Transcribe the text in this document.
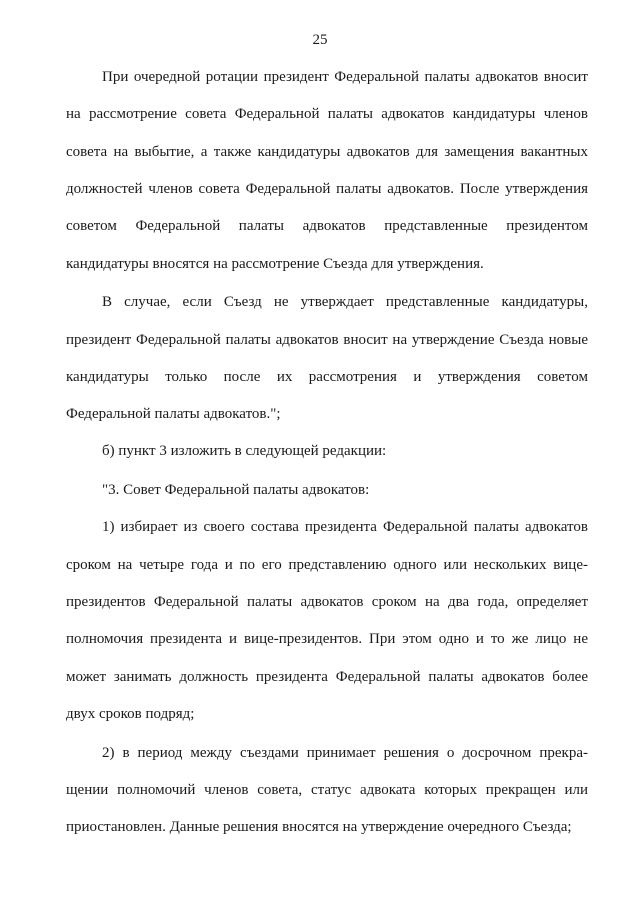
25
При очередной ротации президент Федеральной палаты адвокатов вносит
на рассмотрение совета Федеральной палаты адвокатов кандидатуры членов
совета на выбытие, а также кандидатуры адвокатов для замещения вакантных
должностей членов совета Федеральной палаты адвокатов. После утверждения
советом Федеральной палаты адвокатов представленные президентом
кандидатуры вносятся на рассмотрение Съезда для утверждения.
В случае, если Съезд не утверждает представленные кандидатуры,
президент Федеральной палаты адвокатов вносит на утверждение Съезда новые
кандидатуры только после их рассмотрения и утверждения советом
Федеральной палаты адвокатов.";
б) пункт 3 изложить в следующей редакции:
"3. Совет Федеральной палаты адвокатов:
1) избирает из своего состава президента Федеральной палаты адвокатов
сроком на четыре года и по его представлению одного или нескольких вице-
президентов Федеральной палаты адвокатов сроком на два года, определяет
полномочия президента и вице-президентов. При этом одно и то же лицо не
может занимать должность президента Федеральной палаты адвокатов более
двух сроков подряд;
2) в период между съездами принимает решения о досрочном прекра-
щении полномочий членов совета, статус адвоката которых прекращен или
приостановлен. Данные решения вносятся на утверждение очередного Съезда;
